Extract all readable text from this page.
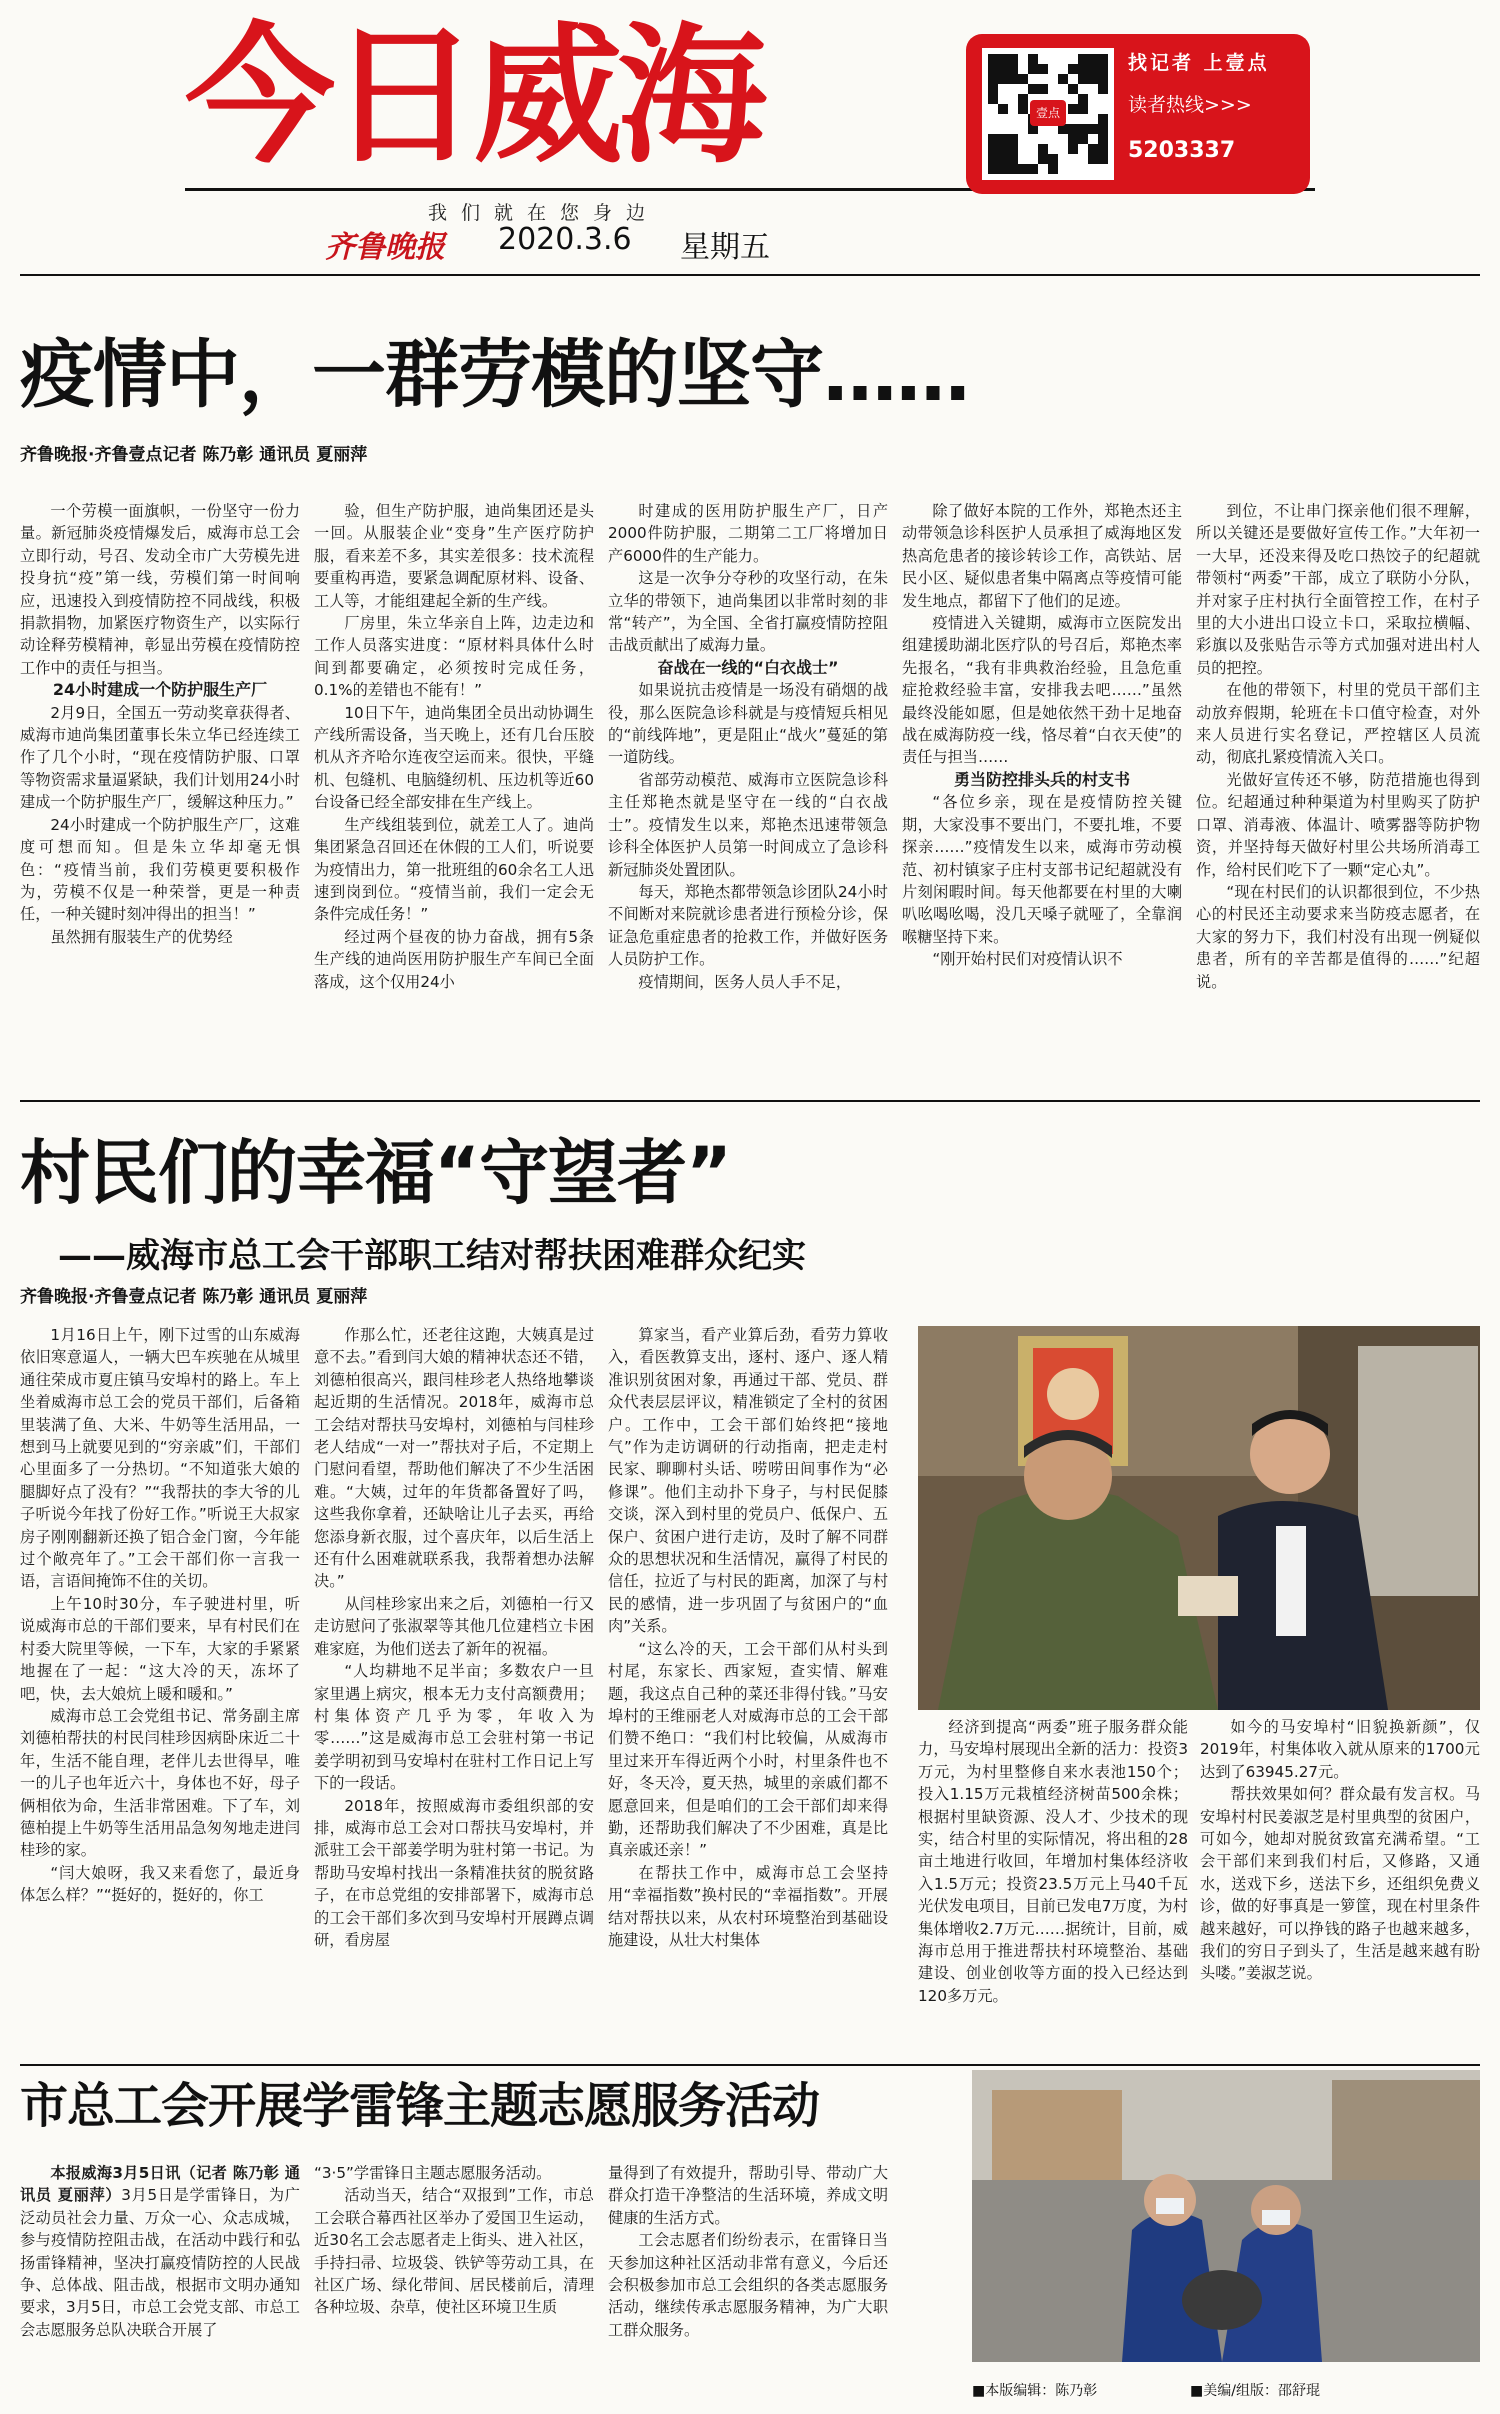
今日威海
我们就在您身边
齐鲁晚报 2020.3.6 星期五
壹点
找记者 上壹点
读者热线>>>
5203337
疫情中，一群劳模的坚守……
齐鲁晚报·齐鲁壹点记者 陈乃彰 通讯员 夏丽萍

一个劳模一面旗帜，一份坚守一份力量。新冠肺炎疫情爆发后，威海市总工会立即行动，号召、发动全市广大劳模先进投身抗“疫”第一线，劳模们第一时间响应，迅速投入到疫情防控不同战线，积极捐款捐物，加紧医疗物资生产，以实际行动诠释劳模精神，彰显出劳模在疫情防控工作中的责任与担当。

24小时建成一个防护服生产厂

2月9日，全国五一劳动奖章获得者、威海市迪尚集团董事长朱立华已经连续工作了几个小时，“现在疫情防护服、口罩等物资需求量逼紧缺，我们计划用24小时建成一个防护服生产厂，缓解这种压力。”

24小时建成一个防护服生产厂，这难度可想而知。但是朱立华却毫无惧色：“疫情当前，我们劳模更要积极作为，劳模不仅是一种荣誉，更是一种责任，一种关键时刻冲得出的担当！”

虽然拥有服装生产的优势经

验，但生产防护服，迪尚集团还是头一回。从服装企业“变身”生产医疗防护服，看来差不多，其实差很多：技术流程要重构再造，要紧急调配原材料、设备、工人等，才能组建起全新的生产线。

厂房里，朱立华亲自上阵，边走边和工作人员落实进度：“原材料具体什么时间到都要确定，必须按时完成任务，0.1%的差错也不能有！”

10日下午，迪尚集团全员出动协调生产线所需设备，当天晚上，还有几台压胶机从齐齐哈尔连夜空运而来。很快，平缝机、包缝机、电脑缝纫机、压边机等近60台设备已经全部安排在生产线上。

生产线组装到位，就差工人了。迪尚集团紧急召回还在休假的工人们，听说要为疫情出力，第一批班组的60余名工人迅速到岗到位。“疫情当前，我们一定会无条件完成任务！”

经过两个昼夜的协力奋战，拥有5条生产线的迪尚医用防护服生产车间已全面落成，这个仅用24小

时建成的医用防护服生产厂，日产2000件防护服，二期第二工厂将增加日产6000件的生产能力。

这是一次争分夺秒的攻坚行动，在朱立华的带领下，迪尚集团以非常时刻的非常“转产”，为全国、全省打赢疫情防控阻击战贡献出了威海力量。

奋战在一线的“白衣战士”

如果说抗击疫情是一场没有硝烟的战役，那么医院急诊科就是与疫情短兵相见的“前线阵地”，更是阻止“战火”蔓延的第一道防线。

省部劳动模范、威海市立医院急诊科主任郑艳杰就是坚守在一线的“白衣战士”。疫情发生以来，郑艳杰迅速带领急诊科全体医护人员第一时间成立了急诊科新冠肺炎处置团队。

每天，郑艳杰都带领急诊团队24小时不间断对来院就诊患者进行预检分诊，保证急危重症患者的抢救工作，并做好医务人员防护工作。

疫情期间，医务人员人手不足，

除了做好本院的工作外，郑艳杰还主动带领急诊科医护人员承担了威海地区发热高危患者的接诊转诊工作，高铁站、居民小区、疑似患者集中隔离点等疫情可能发生地点，都留下了他们的足迹。

疫情进入关键期，威海市立医院发出组建援助湖北医疗队的号召后，郑艳杰率先报名，“我有非典救治经验，且急危重症抢救经验丰富，安排我去吧……”虽然最终没能如愿，但是她依然干劲十足地奋战在威海防疫一线，恪尽着“白衣天使”的责任与担当……

勇当防控排头兵的村支书

“各位乡亲，现在是疫情防控关键期，大家没事不要出门，不要扎堆，不要探亲……”疫情发生以来，威海市劳动模范、初村镇家子庄村支部书记纪超就没有片刻闲暇时间。每天他都要在村里的大喇叭吆喝吆喝，没几天嗓子就哑了，全靠润喉糖坚持下来。

“刚开始村民们对疫情认识不

到位，不让串门探亲他们很不理解，所以关键还是要做好宣传工作。”大年初一一大早，还没来得及吃口热饺子的纪超就带领村“两委”干部，成立了联防小分队，并对家子庄村执行全面管控工作，在村子里的大小进出口设立卡口，采取拉横幅、彩旗以及张贴告示等方式加强对进出村人员的把控。

在他的带领下，村里的党员干部们主动放弃假期，轮班在卡口值守检查，对外来人员进行实名登记，严控辖区人员流动，彻底扎紧疫情流入关口。

光做好宣传还不够，防范措施也得到位。纪超通过种种渠道为村里购买了防护口罩、消毒液、体温计、喷雾器等防护物资，并坚持每天做好村里公共场所消毒工作，给村民们吃下了一颗“定心丸”。

“现在村民们的认识都很到位，不少热心的村民还主动要求来当防疫志愿者，在大家的努力下，我们村没有出现一例疑似患者，所有的辛苦都是值得的……”纪超说。

村民们的幸福“守望者”
——威海市总工会干部职工结对帮扶困难群众纪实
齐鲁晚报·齐鲁壹点记者 陈乃彰 通讯员 夏丽萍

1月16日上午，刚下过雪的山东威海依旧寒意逼人，一辆大巴车疾驰在从城里通往荣成市夏庄镇马安埠村的路上。车上坐着威海市总工会的党员干部们，后备箱里装满了鱼、大米、牛奶等生活用品，一想到马上就要见到的“穷亲戚”们，干部们心里面多了一分热切。“不知道张大娘的腿脚好点了没有？”“我帮扶的李大爷的儿子听说今年找了份好工作。”听说王大叔家房子刚刚翻新还换了铝合金门窗，今年能过个敞亮年了。”工会干部们你一言我一语，言语间掩饰不住的关切。

上午10时30分，车子驶进村里，听说威海市总的干部们要来，早有村民们在村委大院里等候，一下车，大家的手紧紧地握在了一起：“这大冷的天，冻坏了吧，快，去大娘炕上暖和暖和。”

威海市总工会党组书记、常务副主席刘德柏帮扶的村民闫桂珍因病卧床近二十年，生活不能自理，老伴儿去世得早，唯一的儿子也年近六十，身体也不好，母子俩相依为命，生活非常困难。下了车，刘德柏提上牛奶等生活用品急匆匆地走进闫桂珍的家。

“闫大娘呀，我又来看您了，最近身体怎么样？”“挺好的，挺好的，你工

作那么忙，还老往这跑，大姨真是过意不去。”看到闫大娘的精神状态还不错，刘德柏很高兴，跟闫桂珍老人热络地攀谈起近期的生活情况。2018年，威海市总工会结对帮扶马安埠村，刘德柏与闫桂珍老人结成“一对一”帮扶对子后，不定期上门慰问看望，帮助他们解决了不少生活困难。“大姨，过年的年货都备置好了吗，这些我你拿着，还缺啥让儿子去买，再给您添身新衣服，过个喜庆年，以后生活上还有什么困难就联系我，我帮着想办法解决。”

从闫桂珍家出来之后，刘德柏一行又走访慰问了张淑翠等其他几位建档立卡困难家庭，为他们送去了新年的祝福。

“人均耕地不足半亩；多数农户一旦家里遇上病灾，根本无力支付高额费用；村集体资产几乎为零，年收入为零……”这是威海市总工会驻村第一书记姜学明初到马安埠村在驻村工作日记上写下的一段话。

2018年，按照威海市委组织部的安排，威海市总工会对口帮扶马安埠村，并派驻工会干部姜学明为驻村第一书记。为帮助马安埠村找出一条精准扶贫的脱贫路子，在市总党组的安排部署下，威海市总的工会干部们多次到马安埠村开展蹲点调研，看房屋

算家当，看产业算后劲，看劳力算收入，看医教算支出，逐村、逐户、逐人精准识别贫困对象，再通过干部、党员、群众代表层层评议，精准锁定了全村的贫困户。工作中，工会干部们始终把“接地气”作为走访调研的行动指南，把走走村民家、聊聊村头话、唠唠田间事作为“必修课”。他们主动扑下身子，与村民促膝交谈，深入到村里的党员户、低保户、五保户、贫困户进行走访，及时了解不同群众的思想状况和生活情况，赢得了村民的信任，拉近了与村民的距离，加深了与村民的感情，进一步巩固了与贫困户的“血肉”关系。

“这么冷的天，工会干部们从村头到村尾，东家长、西家短，查实情、解难题，我这点自己种的菜还非得付钱。”马安埠村的王维丽老人对威海市总的工会干部们赞不绝口：“我们村比较偏，从威海市里过来开车得近两个小时，村里条件也不好，冬天冷，夏天热，城里的亲戚们都不愿意回来，但是咱们的工会干部们却来得勤，还帮助我们解决了不少困难，真是比真亲戚还亲！”

在帮扶工作中，威海市总工会坚持用“幸福指数”换村民的“幸福指数”。开展结对帮扶以来，从农村环境整治到基础设施建设，从壮大村集体

经济到提高“两委”班子服务群众能力，马安埠村展现出全新的活力：投资3万元，为村里整修自来水表池150个；投入1.15万元栽植经济树苗500余株；根据村里缺资源、没人才、少技术的现实，结合村里的实际情况，将出租的28亩土地进行收回，年增加村集体经济收入1.5万元；投资23.5万元上马40千瓦光伏发电项目，目前已发电7万度，为村集体增收2.7万元……据统计，目前，威海市总用于推进帮扶村环境整治、基础建设、创业创收等方面的投入已经达到120多万元。

如今的马安埠村“旧貌换新颜”，仅2019年，村集体收入就从原来的1700元达到了63945.27元。

帮扶效果如何？群众最有发言权。马安埠村村民姜淑芝是村里典型的贫困户，可如今，她却对脱贫致富充满希望。“工会干部们来到我们村后，又修路，又通水，送戏下乡，送法下乡，还组织免费义诊，做的好事真是一箩筐，现在村里条件越来越好，可以挣钱的路子也越来越多，我们的穷日子到头了，生活是越来越有盼头喽。”姜淑芝说。

市总工会开展学雷锋主题志愿服务活动

本报威海3月5日讯（记者 陈乃彰 通讯员 夏丽萍）3月5日是学雷锋日，为广泛动员社会力量、万众一心、众志成城，参与疫情防控阻击战，在活动中践行和弘扬雷锋精神，坚决打赢疫情防控的人民战争、总体战、阻击战，根据市文明办通知要求，3月5日，市总工会党支部、市总工会志愿服务总队决联合开展了

“3·5”学雷锋日主题志愿服务活动。

活动当天，结合“双报到”工作，市总工会联合幕西社区举办了爱国卫生运动，近30名工会志愿者走上街头、进入社区，手持扫帚、垃圾袋、铁铲等劳动工具，在社区广场、绿化带间、居民楼前后，清理各种垃圾、杂草，使社区环境卫生质

量得到了有效提升，帮助引导、带动广大群众打造干净整洁的生活环境，养成文明健康的生活方式。

工会志愿者们纷纷表示，在雷锋日当天参加这种社区活动非常有意义，今后还会积极参加市总工会组织的各类志愿服务活动，继续传承志愿服务精神，为广大职工群众服务。

■本版编辑：陈乃彰	■美编/组版：邵舒琨
